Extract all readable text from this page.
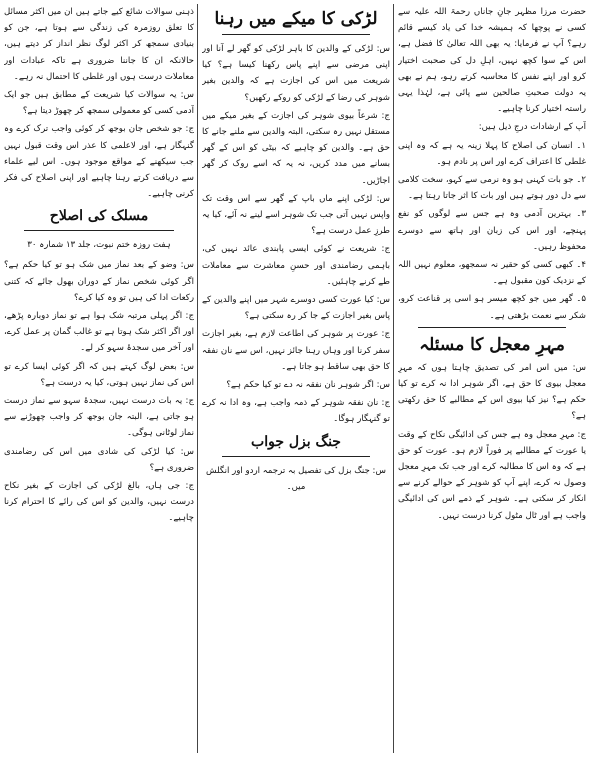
حضرت مرزا مظہر جانِ جاناں رحمۃ اللہ علیہ سے کسی نے پوچھا کہ ہمیشہ خدا کی یاد کیسے قائم رہے؟ آپ نے فرمایا: یہ بھی اللہ تعالیٰ کا فضل ہے، اس کے سوا کچھ نہیں، اہلِ دل کی صحبت اختیار کرو اور اپنے نفس کا محاسبہ کرتے رہو، ہم نے بھی یہ دولت صحبتِ صالحین سے پائی ہے، لہٰذا یہی راستہ اختیار کرنا چاہیے۔

آپ کے ارشادات درجِ ذیل ہیں:

۱۔ انسان کی اصلاح کا پہلا زینہ یہ ہے کہ وہ اپنی غلطی کا اعتراف کرے اور اس پر نادم ہو۔

۲۔ جو بات کہنی ہو وہ نرمی سے کہو، سخت کلامی سے دل دور ہوتے ہیں اور بات کا اثر جاتا رہتا ہے۔

۳۔ بہترین آدمی وہ ہے جس سے لوگوں کو نفع پہنچے، اور اس کی زبان اور ہاتھ سے دوسرے محفوظ رہیں۔

۴۔ کبھی کسی کو حقیر نہ سمجھو، معلوم نہیں اللہ کے نزدیک کون مقبول ہے۔

۵۔ گھر میں جو کچھ میسر ہو اسی پر قناعت کرو، شکر سے نعمت بڑھتی ہے۔

مہرِ معجل کا مسئلہ

س: میں اس امر کی تصدیق چاہتا ہوں کہ مہرِ معجل بیوی کا حق ہے، اگر شوہر ادا نہ کرے تو کیا حکم ہے؟ نیز کیا بیوی اس کے مطالبے کا حق رکھتی ہے؟

ج: مہرِ معجل وہ ہے جس کی ادائیگی نکاح کے وقت یا عورت کے مطالبے پر فوراً لازم ہو۔ عورت کو حق ہے کہ وہ اس کا مطالبہ کرے اور جب تک مہرِ معجل وصول نہ کرے، اپنے آپ کو شوہر کے حوالے کرنے سے انکار کر سکتی ہے۔ شوہر کے ذمے اس کی ادائیگی واجب ہے اور ٹال مٹول کرنا درست نہیں۔

لڑکی کا میکے میں رہنا

س: لڑکی کے والدین کا باہر لڑکی کو گھر لے آنا اور اپنی مرضی سے اپنے پاس رکھنا کیسا ہے؟ کیا شریعت میں اس کی اجازت ہے کہ والدین بغیر شوہر کی رضا کے لڑکی کو روکے رکھیں؟

ج: شرعاً بیوی شوہر کی اجازت کے بغیر میکے میں مستقل نہیں رہ سکتی، البتہ والدین سے ملنے جانے کا حق ہے۔ والدین کو چاہیے کہ بیٹی کو اس کے گھر بسانے میں مدد کریں، نہ یہ کہ اسے روک کر گھر اجاڑیں۔

س: لڑکی اپنے ماں باپ کے گھر سے اس وقت تک واپس نہیں آتی جب تک شوہر اسے لینے نہ آئے، کیا یہ طرزِ عمل درست ہے؟

ج: شریعت نے کوئی ایسی پابندی عائد نہیں کی، باہمی رضامندی اور حسنِ معاشرت سے معاملات طے کرنے چاہئیں۔

س: کیا عورت کسی دوسرے شہر میں اپنے والدین کے پاس بغیر اجازت کے جا کر رہ سکتی ہے؟

ج: عورت پر شوہر کی اطاعت لازم ہے، بغیر اجازت سفر کرنا اور وہاں رہنا جائز نہیں، اس سے نان نفقہ کا حق بھی ساقط ہو جاتا ہے۔

س: اگر شوہر نان نفقہ نہ دے تو کیا حکم ہے؟

ج: نان نفقہ شوہر کے ذمہ واجب ہے، وہ ادا نہ کرے تو گنہگار ہوگا۔

جنگ بزل جواب

س: جنگ بزل کی تفصیل بہ ترجمہ اردو اور انگلش میں۔

ذہنی سوالات شائع کیے جاتے ہیں ان میں اکثر مسائل کا تعلق روزمرہ کی زندگی سے ہوتا ہے، جن کو بنیادی سمجھ کر اکثر لوگ نظر انداز کر دیتے ہیں، حالانکہ ان کا جاننا ضروری ہے تاکہ عبادات اور معاملات درست ہوں اور غلطی کا احتمال نہ رہے۔

س: یہ سوالات کیا شریعت کے مطابق ہیں جو ایک آدمی کسی کو معمولی سمجھ کر چھوڑ دیتا ہے؟

ج: جو شخص جان بوجھ کر کوئی واجب ترک کرے وہ گنہگار ہے، اور لاعلمی کا عذر اس وقت قبول نہیں جب سیکھنے کے مواقع موجود ہوں۔ اس لیے علماء سے دریافت کرتے رہنا چاہیے اور اپنی اصلاح کی فکر کرنی چاہیے۔

مسلک کی اصلاح

ہفت روزہ ختم نبوت، جلد ۱۳ شمارہ ۳۰

س: وضو کے بعد نماز میں شک ہو تو کیا حکم ہے؟ اگر کوئی شخص نماز کے دوران بھول جائے کہ کتنی رکعات ادا کی ہیں تو وہ کیا کرے؟

ج: اگر پہلی مرتبہ شک ہوا ہے تو نماز دوبارہ پڑھے، اور اگر اکثر شک ہوتا ہے تو غالب گمان پر عمل کرے، اور آخر میں سجدۂ سہو کر لے۔

س: بعض لوگ کہتے ہیں کہ اگر کوئی ایسا کرے تو اس کی نماز نہیں ہوتی، کیا یہ درست ہے؟

ج: یہ بات درست نہیں، سجدۂ سہو سے نماز درست ہو جاتی ہے، البتہ جان بوجھ کر واجب چھوڑنے سے نماز لوٹانی ہوگی۔

س: کیا لڑکی کی شادی میں اس کی رضامندی ضروری ہے؟

ج: جی ہاں، بالغ لڑکی کی اجازت کے بغیر نکاح درست نہیں، والدین کو اس کی رائے کا احترام کرنا چاہیے۔
